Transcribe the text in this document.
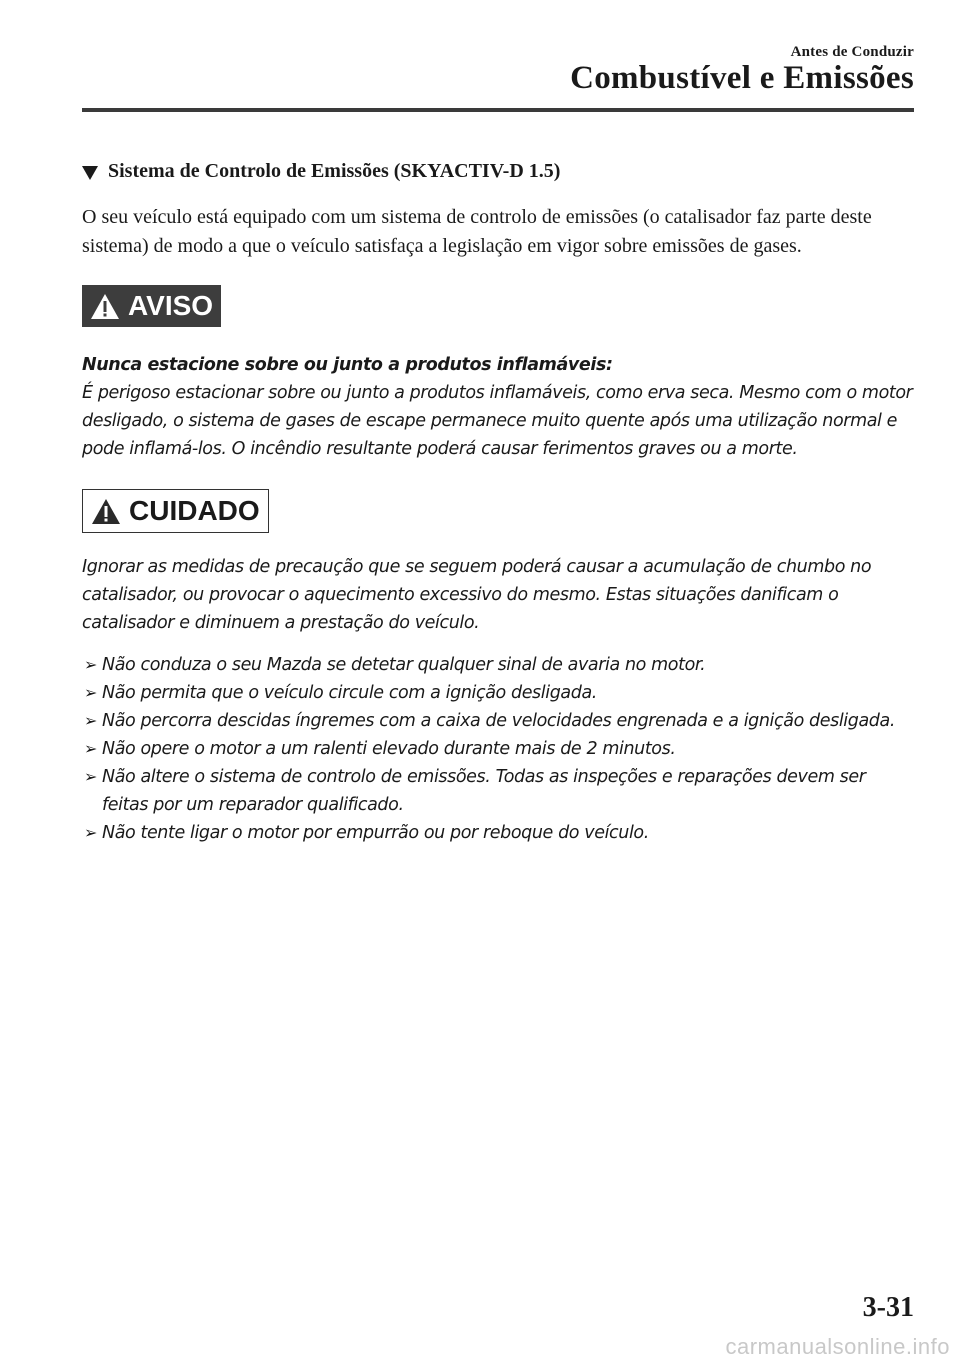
Antes de Conduzir
Combustível e Emissões
Sistema de Controlo de Emissões (SKYACTIV-D 1.5)

O seu veículo está equipado com um sistema de controlo de emissões (o catalisador faz parte deste sistema) de modo a que o veículo satisfaça a legislação em vigor sobre emissões de gases.

AVISO

Nunca estacione sobre ou junto a produtos inflamáveis:

É perigoso estacionar sobre ou junto a produtos inflamáveis, como erva seca. Mesmo com o motor desligado, o sistema de gases de escape permanece muito quente após uma utilização normal e pode inflamá-los. O incêndio resultante poderá causar ferimentos graves ou a morte.

CUIDADO

Ignorar as medidas de precaução que se seguem poderá causar a acumulação de chumbo no catalisador, ou provocar o aquecimento excessivo do mesmo. Estas situações danificam o catalisador e diminuem a prestação do veículo.

➢ Não conduza o seu Mazda se detetar qualquer sinal de avaria no motor.
➢ Não permita que o veículo circule com a ignição desligada.
➢ Não percorra descidas íngremes com a caixa de velocidades engrenada e a ignição desligada.
➢ Não opere o motor a um ralenti elevado durante mais de 2 minutos.
➢ Não altere o sistema de controlo de emissões. Todas as inspeções e reparações devem ser feitas por um reparador qualificado.
➢ Não tente ligar o motor por empurrão ou por reboque do veículo.
3-31
carmanualsonline.info
